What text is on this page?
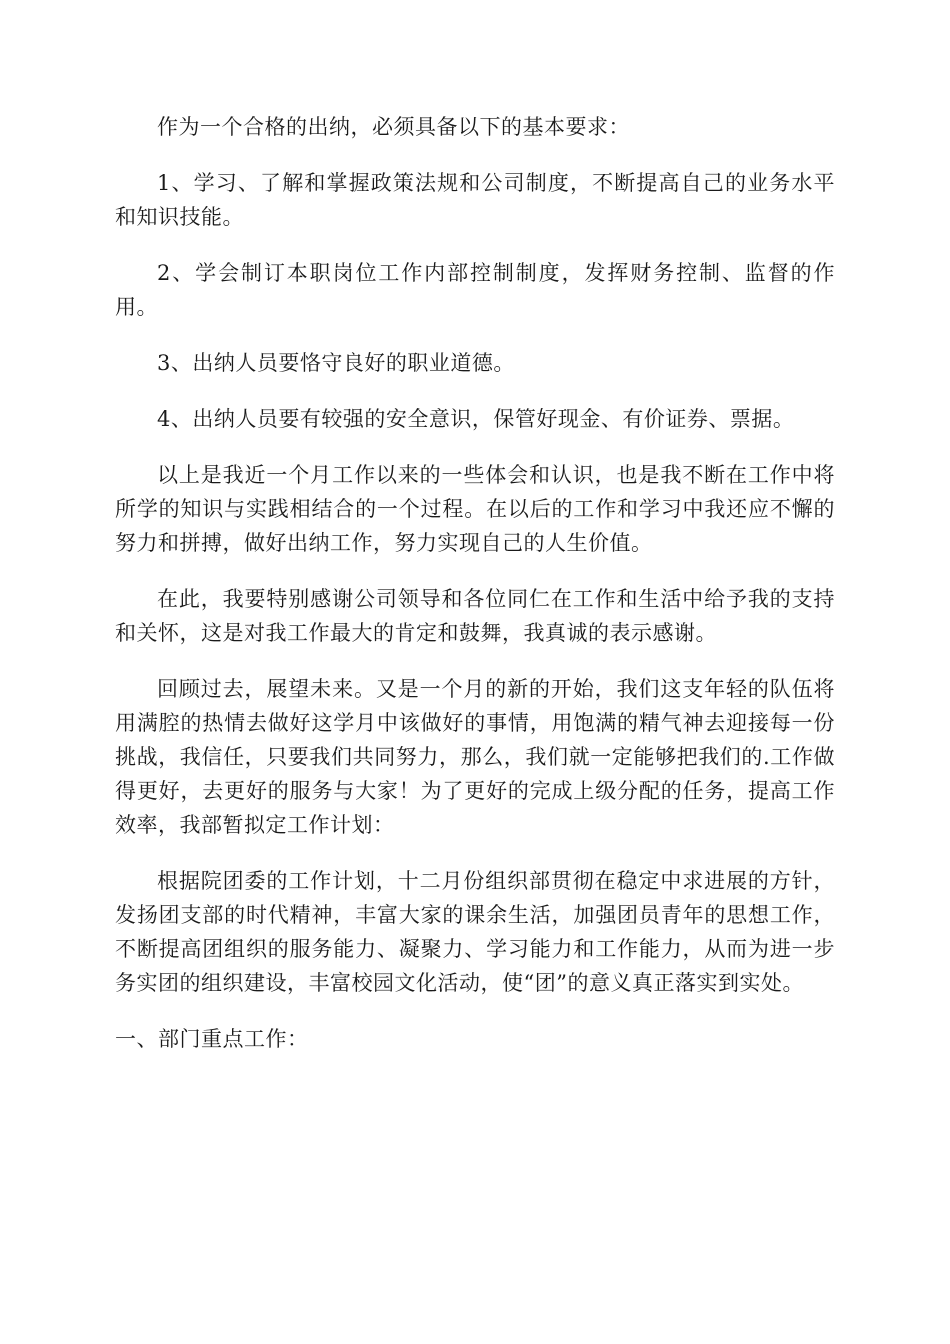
作为一个合格的出纳，必须具备以下的基本要求：

1、学习、了解和掌握政策法规和公司制度，不断提高自己的业务水平和知识技能。

2、学会制订本职岗位工作内部控制制度，发挥财务控制、监督的作用。

3、出纳人员要恪守良好的职业道德。

4、出纳人员要有较强的安全意识，保管好现金、有价证券、票据。

以上是我近一个月工作以来的一些体会和认识，也是我不断在工作中将所学的知识与实践相结合的一个过程。在以后的工作和学习中我还应不懈的努力和拼搏，做好出纳工作，努力实现自己的人生价值。

在此，我要特别感谢公司领导和各位同仁在工作和生活中给予我的支持和关怀，这是对我工作最大的肯定和鼓舞，我真诚的表示感谢。

回顾过去，展望未来。又是一个月的新的开始，我们这支年轻的队伍将用满腔的热情去做好这学月中该做好的事情，用饱满的精气神去迎接每一份挑战，我信任，只要我们共同努力，那么，我们就一定能够把我们的.工作做得更好，去更好的服务与大家！为了更好的完成上级分配的任务，提高工作效率，我部暂拟定工作计划：

根据院团委的工作计划，十二月份组织部贯彻在稳定中求进展的方针，发扬团支部的时代精神，丰富大家的课余生活，加强团员青年的思想工作，不断提高团组织的服务能力、凝聚力、学习能力和工作能力，从而为进一步务实团的组织建设，丰富校园文化活动，使“团”的意义真正落实到实处。

一、部门重点工作：
